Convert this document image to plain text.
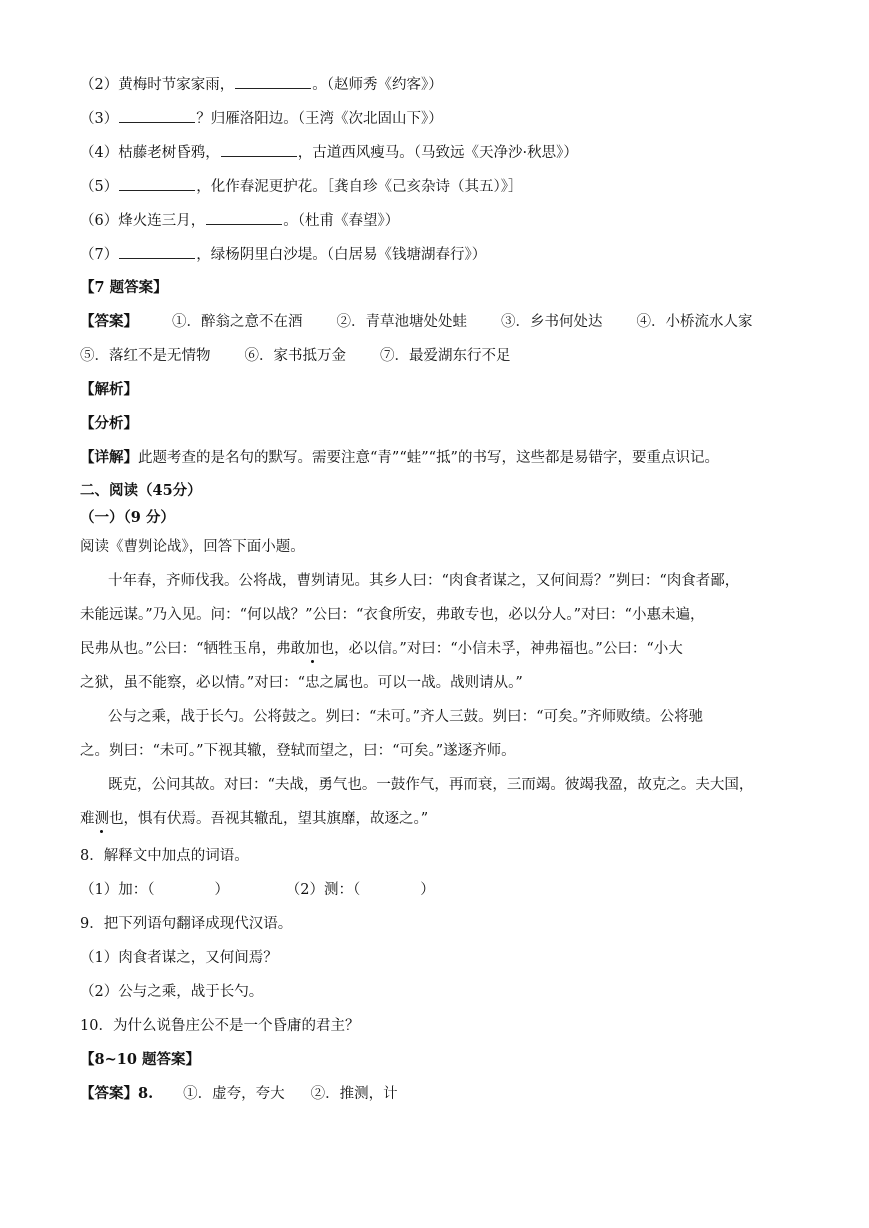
（2）黄梅时节家家雨，	。（赵师秀《约客》）
（3）	？归雁洛阳边。（王湾《次北固山下》）
（4）枯藤老树昏鸦，	，古道西风瘦马。（马致远《天净沙·秋思》）
（5）	，化作春泥更护花。［龚自珍《己亥杂诗（其五）》］
（6）烽火连三月，	。（杜甫《春望》）
（7）	，绿杨阴里白沙堤。（白居易《钱塘湖春行》）
【7 题答案】
【答案】 ①．醉翁之意不在酒 ②．青草池塘处处蛙 ③．乡书何处达 ④．小桥流水人家
⑤．落红不是无情物 ⑥．家书抵万金 ⑦．最爱湖东行不足
【解析】
【分析】
【详解】此题考查的是名句的默写。需要注意“青”“蛙”“抵”的书写，这些都是易错字，要重点识记。
二、阅读（45分）
（一）（9 分）
阅读《曹刿论战》，回答下面小题。
十年春，齐师伐我。公将战，曹刿请见。其乡人曰：“肉食者谋之，又何间焉？”刿曰：“肉食者鄙，
未能远谋。”乃入见。问：“何以战？”公曰：“衣食所安，弗敢专也，必以分人。”对曰：“小惠未遍，
民弗从也。”公曰：“牺牲玉帛，弗敢加也，必以信。”对曰：“小信未孚，神弗福也。”公曰：“小大
之狱，虽不能察，必以情。”对曰：“忠之属也。可以一战。战则请从。”
公与之乘，战于长勺。公将鼓之。刿曰：“未可。”齐人三鼓。刿曰：“可矣。”齐师败绩。公将驰
之。刿曰：“未可。”下视其辙，登轼而望之，曰：“可矣。”遂逐齐师。
既克，公问其故。对曰：“夫战，勇气也。一鼓作气，再而衰，三而竭。彼竭我盈，故克之。夫大国，
难测也，惧有伏焉。吾视其辙乱，望其旗靡，故逐之。”
8．解释文中加点的词语。
（1）加：（	）	（2）测：（	）
9．把下列语句翻译成现代汉语。
（1）肉食者谋之，又何间焉？
（2）公与之乘，战于长勺。
10．为什么说鲁庄公不是一个昏庸的君主？
【8~10 题答案】
【答案】8. ①．虚夸，夸大 ②．推测，计
